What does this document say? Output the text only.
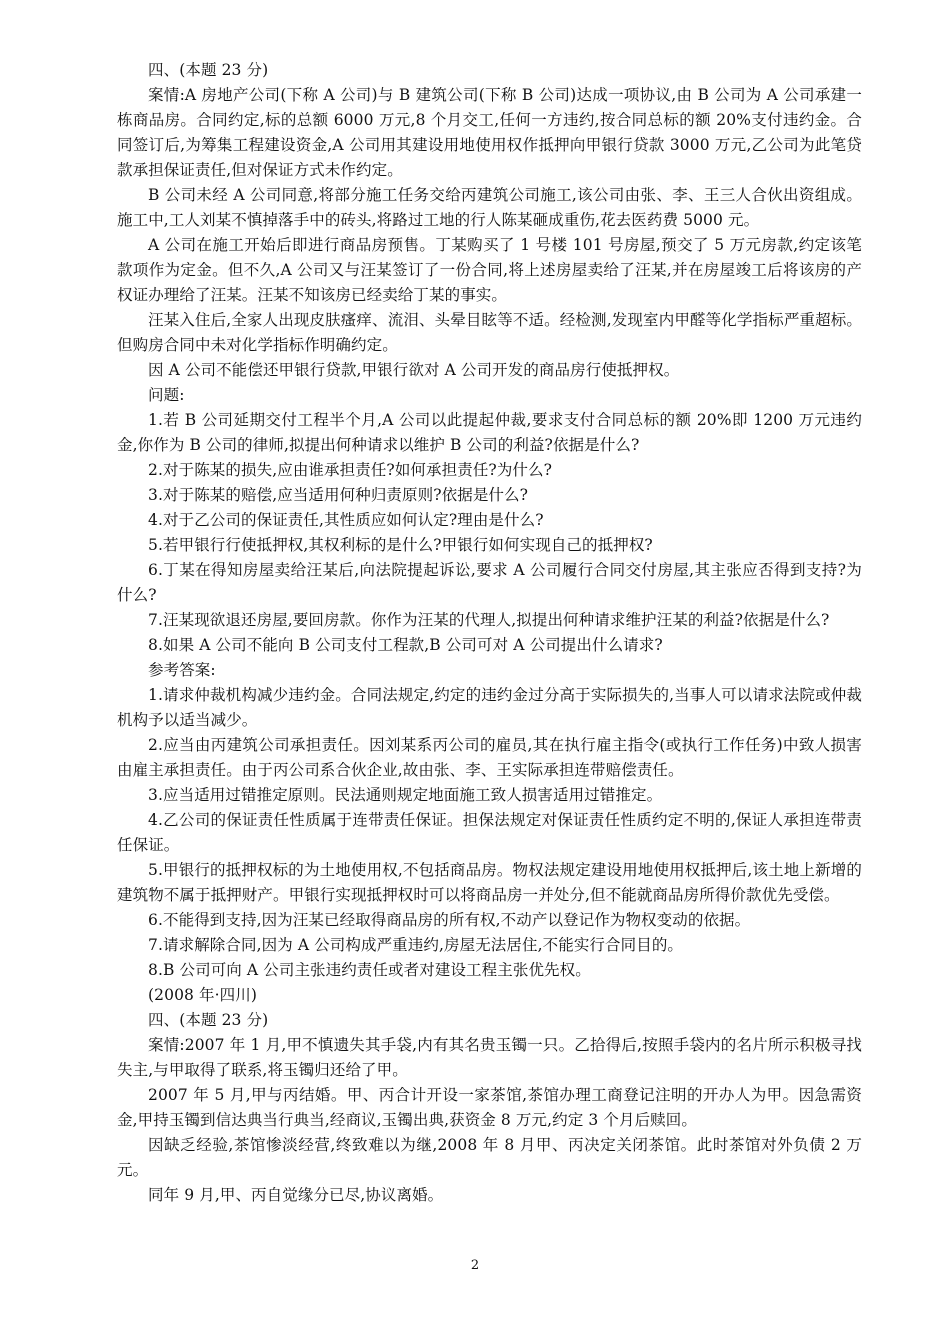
四、(本题 23 分)

案情:A 房地产公司(下称 A 公司)与 B 建筑公司(下称 B 公司)达成一项协议,由 B 公司为 A 公司承建一栋商品房。合同约定,标的总额 6000 万元,8 个月交工,任何一方违约,按合同总标的额 20%支付违约金。合同签订后,为筹集工程建设资金,A 公司用其建设用地使用权作抵押向甲银行贷款 3000 万元,乙公司为此笔贷款承担保证责任,但对保证方式未作约定。

B 公司未经 A 公司同意,将部分施工任务交给丙建筑公司施工,该公司由张、李、王三人合伙出资组成。施工中,工人刘某不慎掉落手中的砖头,将路过工地的行人陈某砸成重伤,花去医药费 5000 元。

A 公司在施工开始后即进行商品房预售。丁某购买了 1 号楼 101 号房屋,预交了 5 万元房款,约定该笔款项作为定金。但不久,A 公司又与汪某签订了一份合同,将上述房屋卖给了汪某,并在房屋竣工后将该房的产权证办理给了汪某。汪某不知该房已经卖给丁某的事实。

汪某入住后,全家人出现皮肤瘙痒、流泪、头晕目眩等不适。经检测,发现室内甲醛等化学指标严重超标。但购房合同中未对化学指标作明确约定。

因 A 公司不能偿还甲银行贷款,甲银行欲对 A 公司开发的商品房行使抵押权。

问题:

1.若 B 公司延期交付工程半个月,A 公司以此提起仲裁,要求支付合同总标的额 20%即 1200 万元违约金,你作为 B 公司的律师,拟提出何种请求以维护 B 公司的利益?依据是什么?

2.对于陈某的损失,应由谁承担责任?如何承担责任?为什么?

3.对于陈某的赔偿,应当适用何种归责原则?依据是什么?

4.对于乙公司的保证责任,其性质应如何认定?理由是什么?

5.若甲银行行使抵押权,其权利标的是什么?甲银行如何实现自己的抵押权?

6.丁某在得知房屋卖给汪某后,向法院提起诉讼,要求 A 公司履行合同交付房屋,其主张应否得到支持?为什么?

7.汪某现欲退还房屋,要回房款。你作为汪某的代理人,拟提出何种请求维护汪某的利益?依据是什么?

8.如果 A 公司不能向 B 公司支付工程款,B 公司可对 A 公司提出什么请求?

参考答案:

1.请求仲裁机构减少违约金。合同法规定,约定的违约金过分高于实际损失的,当事人可以请求法院或仲裁机构予以适当减少。

2.应当由丙建筑公司承担责任。因刘某系丙公司的雇员,其在执行雇主指令(或执行工作任务)中致人损害由雇主承担责任。由于丙公司系合伙企业,故由张、李、王实际承担连带赔偿责任。

3.应当适用过错推定原则。民法通则规定地面施工致人损害适用过错推定。

4.乙公司的保证责任性质属于连带责任保证。担保法规定对保证责任性质约定不明的,保证人承担连带责任保证。

5.甲银行的抵押权标的为土地使用权,不包括商品房。物权法规定建设用地使用权抵押后,该土地上新增的建筑物不属于抵押财产。甲银行实现抵押权时可以将商品房一并处分,但不能就商品房所得价款优先受偿。

6.不能得到支持,因为汪某已经取得商品房的所有权,不动产以登记作为物权变动的依据。

7.请求解除合同,因为 A 公司构成严重违约,房屋无法居住,不能实行合同目的。

8.B 公司可向 A 公司主张违约责任或者对建设工程主张优先权。

(2008 年·四川)

四、(本题 23 分)

案情:2007 年 1 月,甲不慎遗失其手袋,内有其名贵玉镯一只。乙拾得后,按照手袋内的名片所示积极寻找失主,与甲取得了联系,将玉镯归还给了甲。

2007 年 5 月,甲与丙结婚。甲、丙合计开设一家茶馆,茶馆办理工商登记注明的开办人为甲。因急需资金,甲持玉镯到信达典当行典当,经商议,玉镯出典,获资金 8 万元,约定 3 个月后赎回。

因缺乏经验,茶馆惨淡经营,终致难以为继,2008 年 8 月甲、丙决定关闭茶馆。此时茶馆对外负债 2 万元。

同年 9 月,甲、丙自觉缘分已尽,协议离婚。

2
